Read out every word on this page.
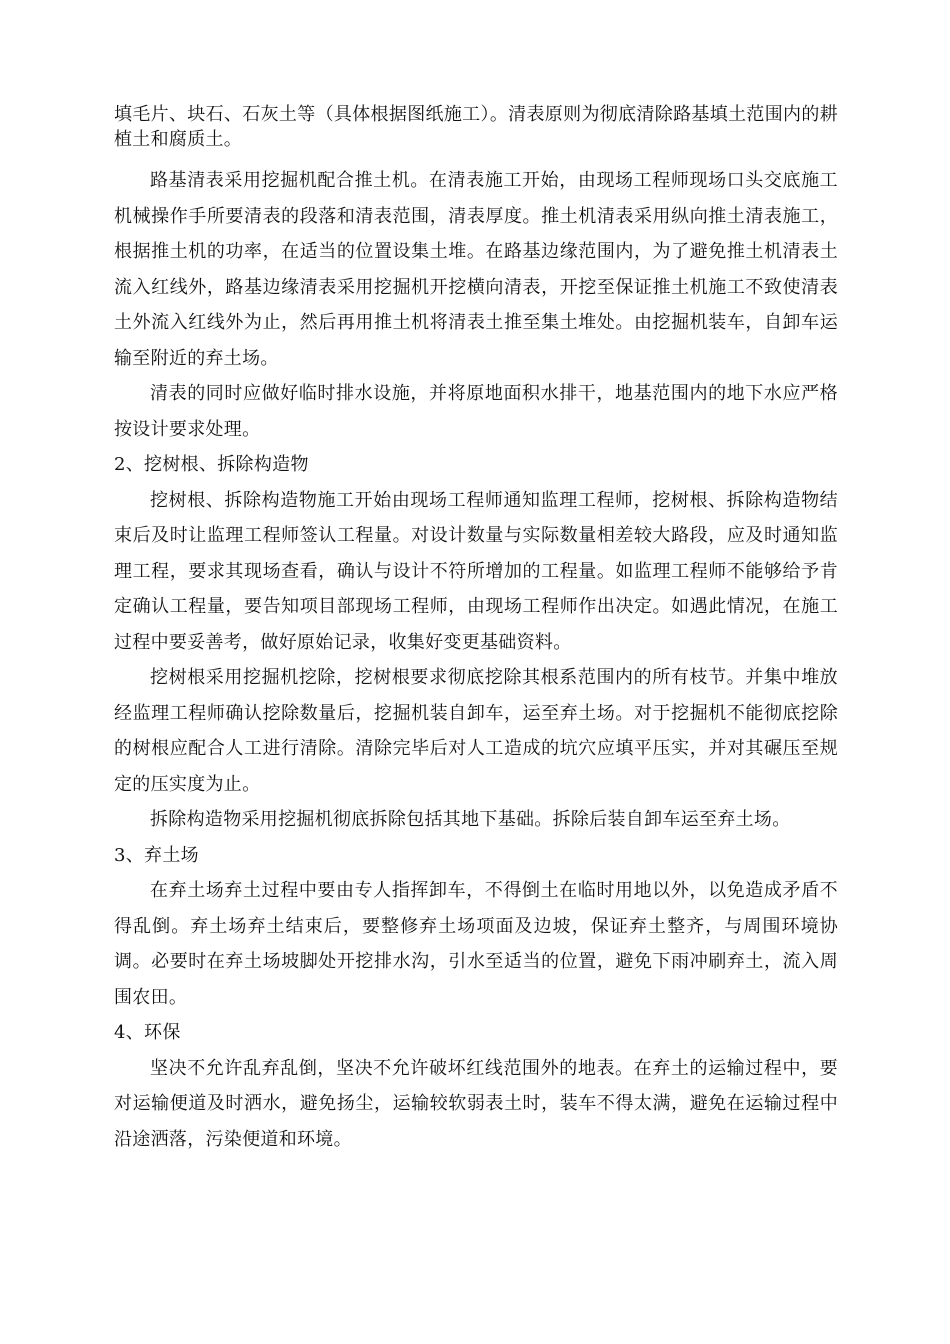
填毛片、块石、石灰土等（具体根据图纸施工）。清表原则为彻底清除路基填土范围内的耕植土和腐质土。

路基清表采用挖掘机配合推土机。在清表施工开始，由现场工程师现场口头交底施工机械操作手所要清表的段落和清表范围，清表厚度。推土机清表采用纵向推土清表施工，根据推土机的功率，在适当的位置设集土堆。在路基边缘范围内，为了避免推土机清表土流入红线外，路基边缘清表采用挖掘机开挖横向清表，开挖至保证推土机施工不致使清表土外流入红线外为止，然后再用推土机将清表土推至集土堆处。由挖掘机装车，自卸车运输至附近的弃土场。

清表的同时应做好临时排水设施，并将原地面积水排干，地基范围内的地下水应严格按设计要求处理。

2、挖树根、拆除构造物

挖树根、拆除构造物施工开始由现场工程师通知监理工程师，挖树根、拆除构造物结束后及时让监理工程师签认工程量。对设计数量与实际数量相差较大路段，应及时通知监理工程，要求其现场查看，确认与设计不符所增加的工程量。如监理工程师不能够给予肯定确认工程量，要告知项目部现场工程师，由现场工程师作出决定。如遇此情况，在施工过程中要妥善考，做好原始记录，收集好变更基础资料。

挖树根采用挖掘机挖除，挖树根要求彻底挖除其根系范围内的所有枝节。并集中堆放经监理工程师确认挖除数量后，挖掘机装自卸车，运至弃土场。对于挖掘机不能彻底挖除的树根应配合人工进行清除。清除完毕后对人工造成的坑穴应填平压实，并对其碾压至规定的压实度为止。

拆除构造物采用挖掘机彻底拆除包括其地下基础。拆除后装自卸车运至弃土场。

3、弃土场

在弃土场弃土过程中要由专人指挥卸车，不得倒土在临时用地以外，以免造成矛盾不得乱倒。弃土场弃土结束后，要整修弃土场项面及边坡，保证弃土整齐，与周围环境协调。必要时在弃土场坡脚处开挖排水沟，引水至适当的位置，避免下雨冲刷弃土，流入周围农田。

4、环保

坚决不允许乱弃乱倒，坚决不允许破坏红线范围外的地表。在弃土的运输过程中，要对运输便道及时洒水，避免扬尘，运输较软弱表土时，装车不得太满，避免在运输过程中沿途洒落，污染便道和环境。
